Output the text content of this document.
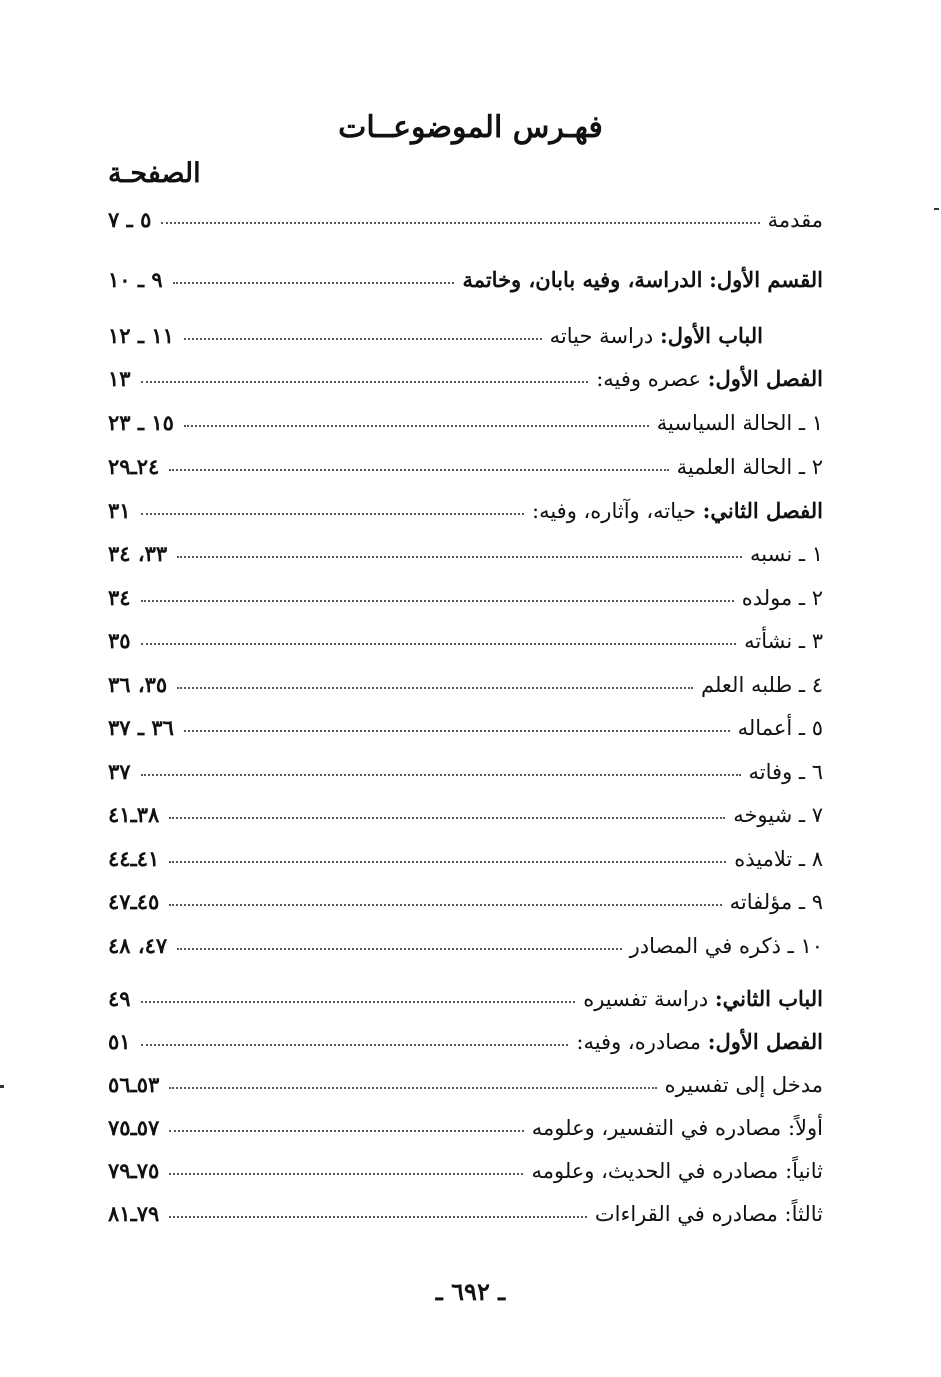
فهـرس الموضوعــات
الصفحـة
مقدمة
٥ ـ ٧
القسم الأول: الدراسة، وفيه بابان، وخاتمة
٩ ـ ١٠
الباب الأول: دراسة حياته
١١ ـ ١٢
الفصل الأول: عصره وفيه:
١٣
١ ـ الحالة السياسية
١٥ ـ ٢٣
٢ ـ الحالة العلمية
٢٤ـ٢٩
الفصل الثاني: حياته، وآثاره، وفيه:
٣١
١ ـ نسبه
٣٣، ٣٤
٢ ـ مولده
٣٤
٣ ـ نشأته
٣٥
٤ ـ طلبه العلم
٣٥، ٣٦
٥ ـ أعماله
٣٦ ـ ٣٧
٦ ـ وفاته
٣٧
٧ ـ شيوخه
٣٨ـ٤١
٨ ـ تلاميذه
٤١ـ٤٤
٩ ـ مؤلفاته
٤٥ـ٤٧
١٠ ـ ذكره في المصادر
٤٧، ٤٨
الباب الثاني: دراسة تفسيره
٤٩
الفصل الأول: مصادره، وفيه:
٥١
مدخل إلى تفسيره
٥٣ـ٥٦
أولاً: مصادره في التفسير، وعلومه
٥٧ـ٧٥
ثانياً: مصادره في الحديث، وعلومه
٧٥ـ٧٩
ثالثاً: مصادره في القراءات
٧٩ـ٨١
ـ ٦٩٢ ـ
